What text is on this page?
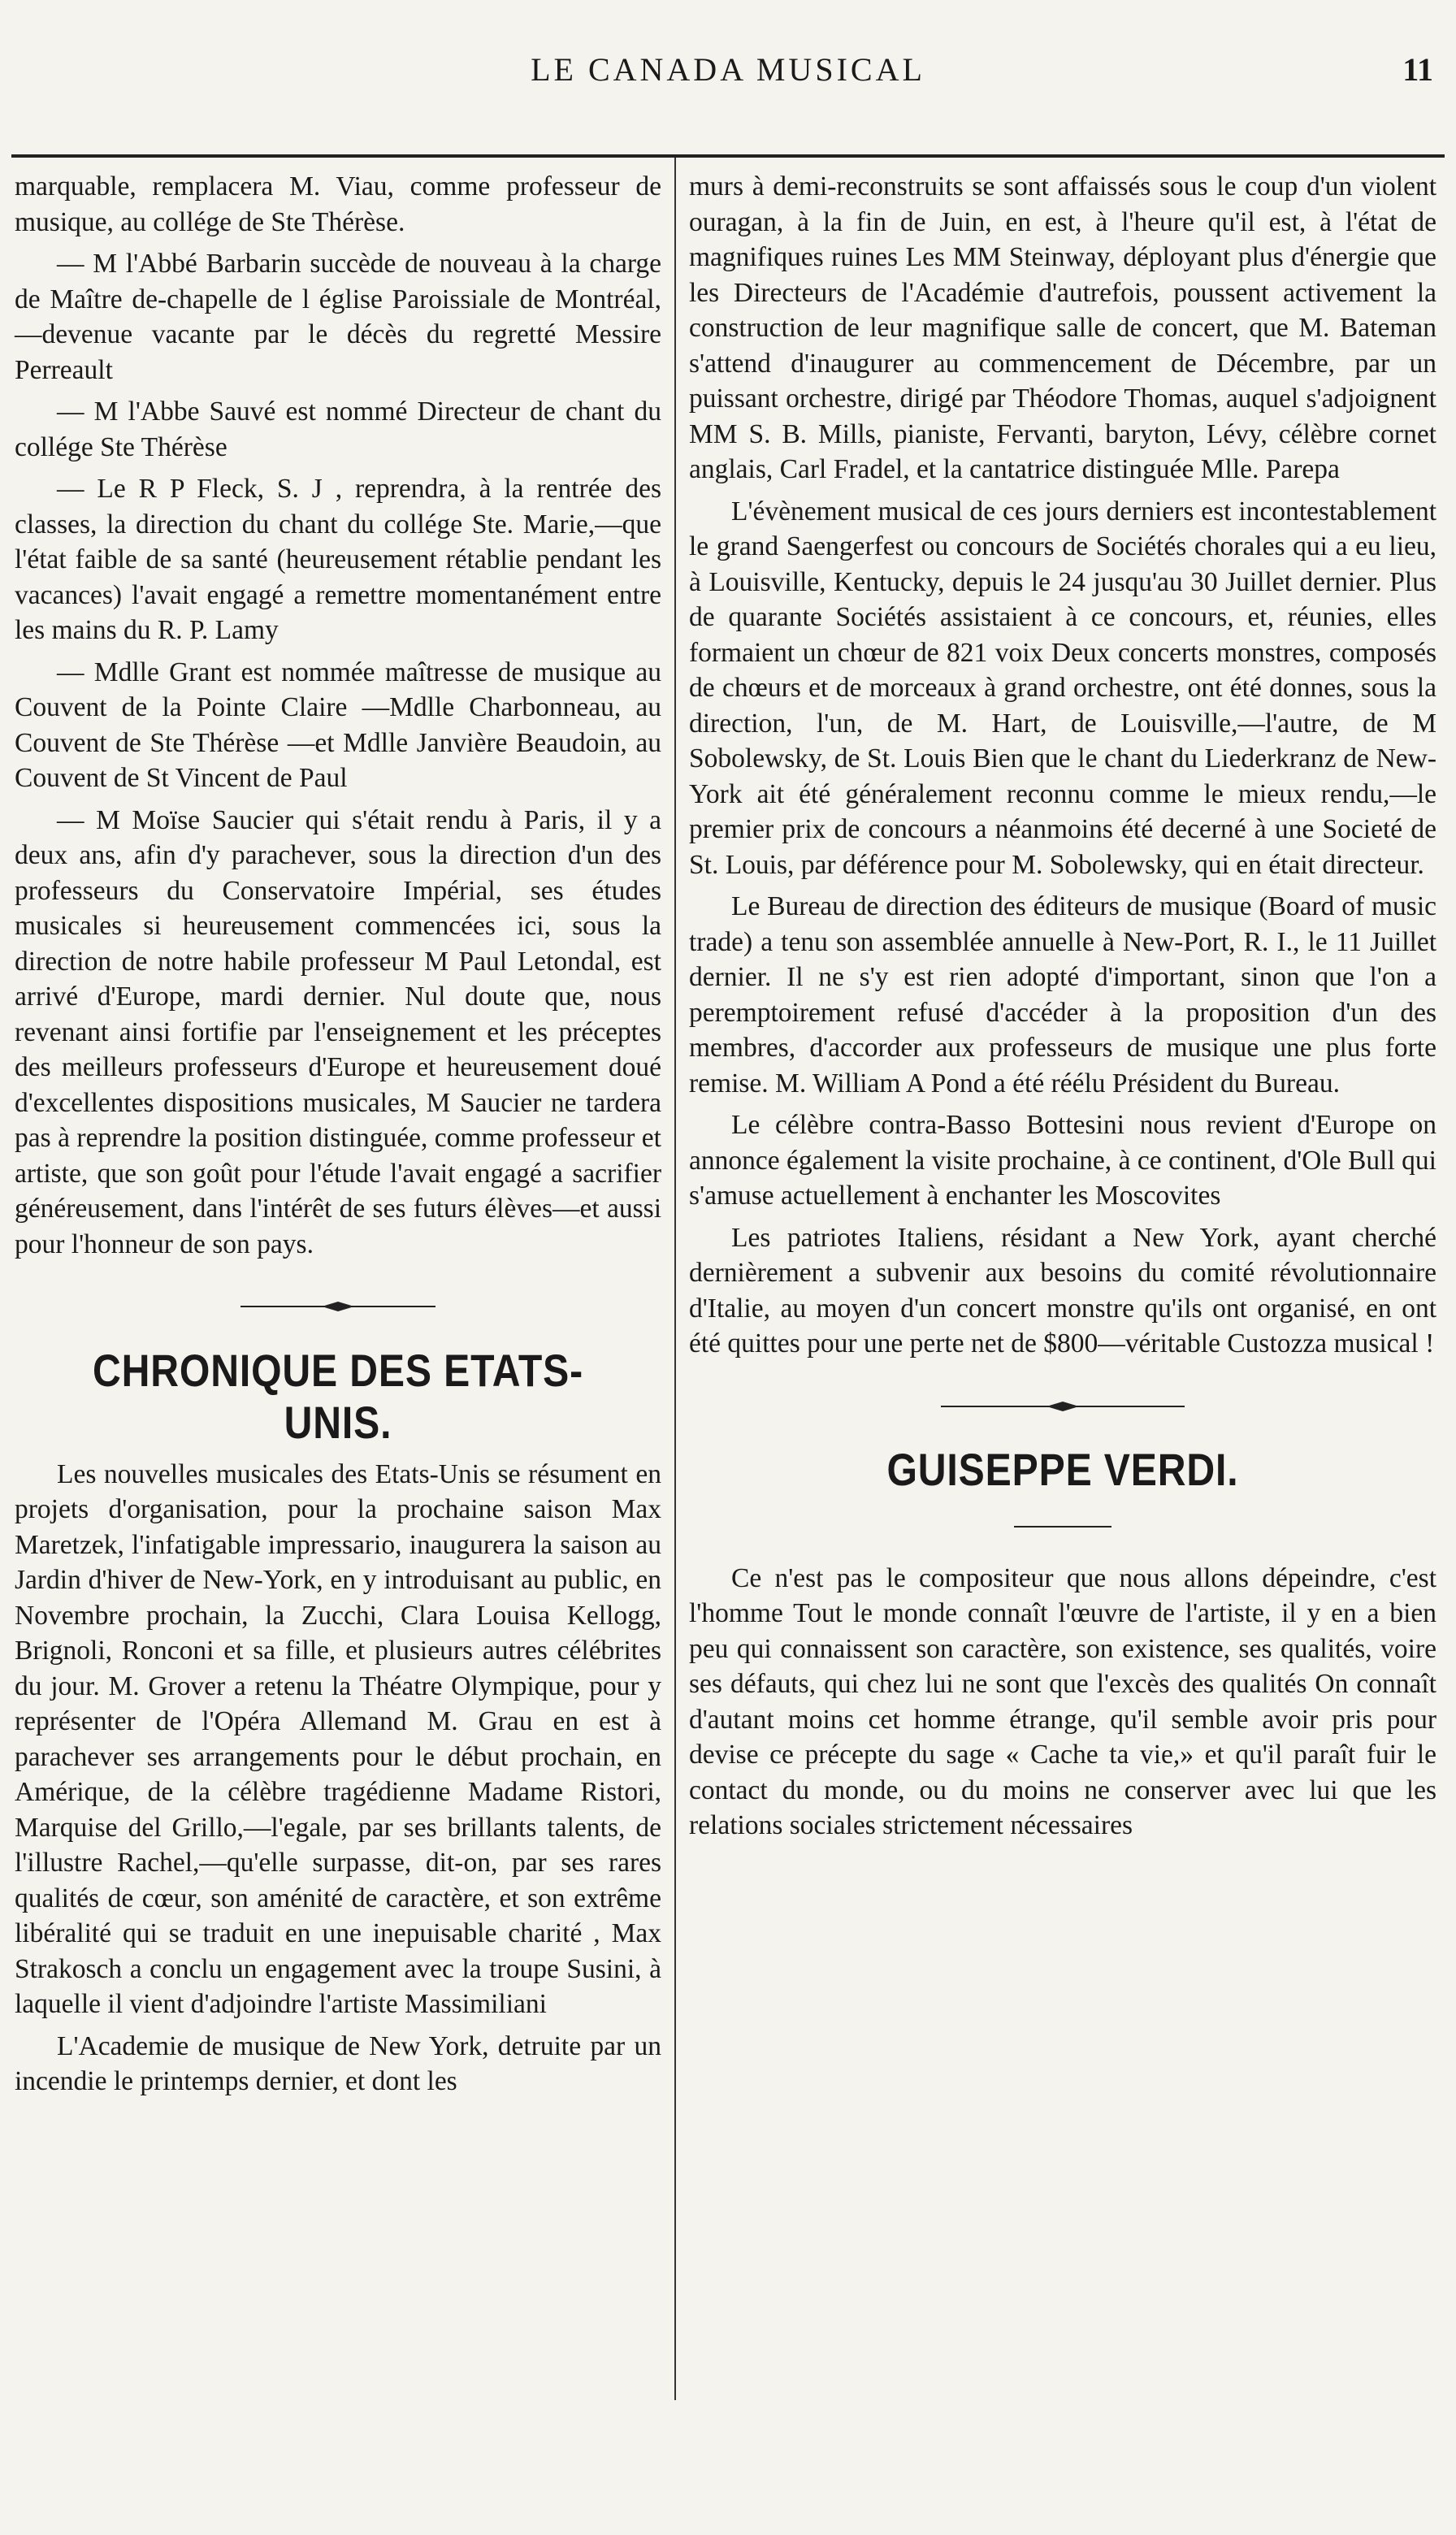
LE CANADA MUSICAL	11

marquable, remplacera M. Viau, comme professeur de musique, au collége de Ste Thérèse.

— M l'Abbé Barbarin succède de nouveau à la charge de Maître de-chapelle de l église Paroissiale de Montréal,—devenue vacante par le décès du regretté Messire Perreault

— M l'Abbe Sauvé est nommé Directeur de chant du collége Ste Thérèse

— Le R P Fleck, S. J , reprendra, à la rentrée des classes, la direction du chant du collége Ste. Marie,—que l'état faible de sa santé (heureusement rétablie pendant les vacances) l'avait engagé a remettre momentanément entre les mains du R. P. Lamy

— Mdlle Grant est nommée maîtresse de musique au Couvent de la Pointe Claire —Mdlle Charbonneau, au Couvent de Ste Thérèse —et Mdlle Janvière Beaudoin, au Couvent de St Vincent de Paul

— M Moïse Saucier qui s'était rendu à Paris, il y a deux ans, afin d'y parachever, sous la direction d'un des professeurs du Conservatoire Impérial, ses études musicales si heureusement commencées ici, sous la direction de notre habile professeur M Paul Letondal, est arrivé d'Europe, mardi dernier. Nul doute que, nous revenant ainsi fortifie par l'enseignement et les préceptes des meilleurs professeurs d'Europe et heureusement doué d'excellentes dispositions musicales, M Saucier ne tardera pas à reprendre la position distinguée, comme professeur et artiste, que son goût pour l'étude l'avait engagé a sacrifier généreusement, dans l'intérêt de ses futurs élèves—et aussi pour l'honneur de son pays.

CHRONIQUE DES ETATS-UNIS.

Les nouvelles musicales des Etats-Unis se résument en projets d'organisation, pour la prochaine saison Max Maretzek, l'infatigable impressario, inaugurera la saison au Jardin d'hiver de New-York, en y introduisant au public, en Novembre prochain, la Zucchi, Clara Louisa Kellogg, Brignoli, Ronconi et sa fille, et plusieurs autres célébrites du jour. M. Grover a retenu la Théatre Olympique, pour y représenter de l'Opéra Allemand M. Grau en est à parachever ses arrangements pour le début prochain, en Amérique, de la célèbre tragédienne Madame Ristori, Marquise del Grillo,—l'egale, par ses brillants talents, de l'illustre Rachel,—qu'elle surpasse, dit-on, par ses rares qualités de cœur, son aménité de caractère, et son extrême libéralité qui se traduit en une inepuisable charité , Max Strakosch a conclu un engagement avec la troupe Susini, à laquelle il vient d'adjoindre l'artiste Massimiliani

L'Academie de musique de New York, detruite par un incendie le printemps dernier, et dont les

murs à demi-reconstruits se sont affaissés sous le coup d'un violent ouragan, à la fin de Juin, en est, à l'heure qu'il est, à l'état de magnifiques ruines Les MM Steinway, déployant plus d'énergie que les Directeurs de l'Académie d'autrefois, poussent activement la construction de leur magnifique salle de concert, que M. Bateman s'attend d'inaugurer au commencement de Décembre, par un puissant orchestre, dirigé par Théodore Thomas, auquel s'adjoignent MM S. B. Mills, pianiste, Fervanti, baryton, Lévy, célèbre cornet anglais, Carl Fradel, et la cantatrice distinguée Mlle. Parepa

L'évènement musical de ces jours derniers est incontestablement le grand Saengerfest ou concours de Sociétés chorales qui a eu lieu, à Louisville, Kentucky, depuis le 24 jusqu'au 30 Juillet dernier. Plus de quarante Sociétés assistaient à ce concours, et, réunies, elles formaient un chœur de 821 voix Deux concerts monstres, composés de chœurs et de morceaux à grand orchestre, ont été donnes, sous la direction, l'un, de M. Hart, de Louisville,—l'autre, de M Sobolewsky, de St. Louis Bien que le chant du Liederkranz de New-York ait été généralement reconnu comme le mieux rendu,—le premier prix de concours a néanmoins été decerné à une Societé de St. Louis, par déférence pour M. Sobolewsky, qui en était directeur.

Le Bureau de direction des éditeurs de musique (Board of music trade) a tenu son assemblée annuelle à New-Port, R. I., le 11 Juillet dernier. Il ne s'y est rien adopté d'important, sinon que l'on a peremptoirement refusé d'accéder à la proposition d'un des membres, d'accorder aux professeurs de musique une plus forte remise. M. William A Pond a été réélu Président du Bureau.

Le célèbre contra-Basso Bottesini nous revient d'Europe on annonce également la visite prochaine, à ce continent, d'Ole Bull qui s'amuse actuellement à enchanter les Moscovites

Les patriotes Italiens, résidant a New York, ayant cherché dernièrement a subvenir aux besoins du comité révolutionnaire d'Italie, au moyen d'un concert monstre qu'ils ont organisé, en ont été quittes pour une perte net de $800—véritable Custozza musical !

GUISEPPE VERDI.

Ce n'est pas le compositeur que nous allons dépeindre, c'est l'homme Tout le monde connaît l'œuvre de l'artiste, il y en a bien peu qui connaissent son caractère, son existence, ses qualités, voire ses défauts, qui chez lui ne sont que l'excès des qualités On connaît d'autant moins cet homme étrange, qu'il semble avoir pris pour devise ce précepte du sage « Cache ta vie,» et qu'il paraît fuir le contact du monde, ou du moins ne conserver avec lui que les relations sociales strictement nécessaires
